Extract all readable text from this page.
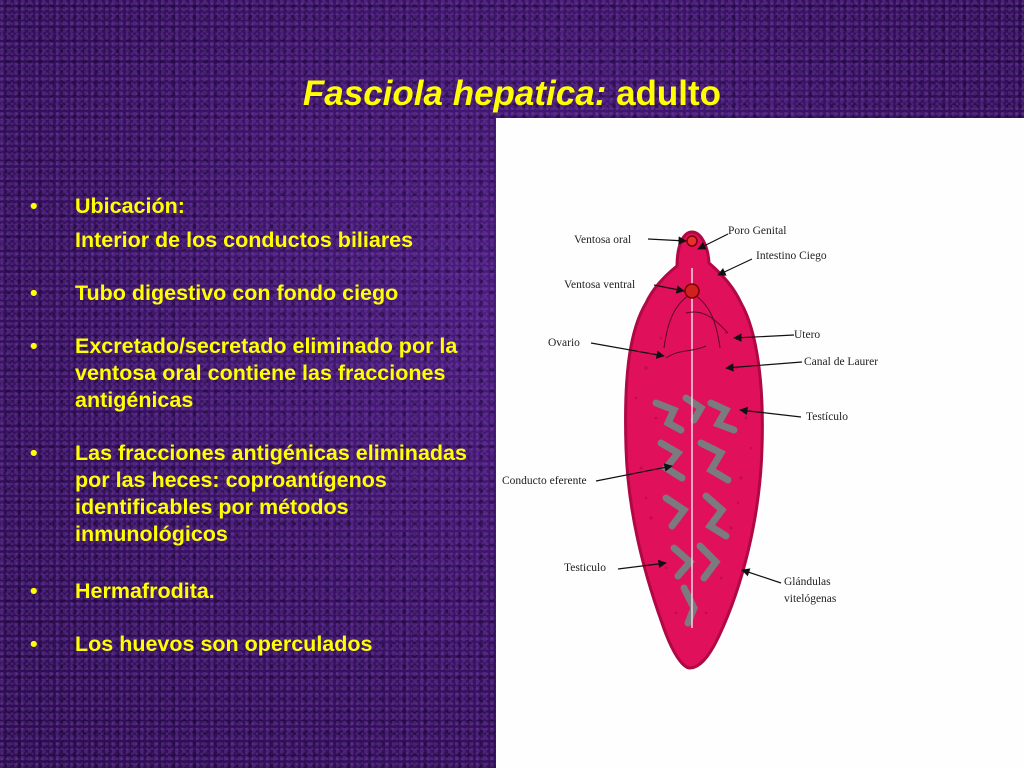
Fasciola hepatica: adulto
• Ubicación:
Interior de los conductos biliares
• Tubo digestivo con fondo ciego
• Excretado/secretado eliminado por la ventosa oral contiene las fracciones antigénicas
• Las fracciones antigénicas eliminadas por las heces: coproantígenos identificables por métodos inmunológicos
• Hermafrodita.
• Los huevos son operculados
Ventosa oral
Poro Genital
Intestino Ciego
Ventosa ventral
Utero
Ovario
Canal de Laurer
Testículo
Conducto eferente
Testiculo
Glándulas
vitelógenas
